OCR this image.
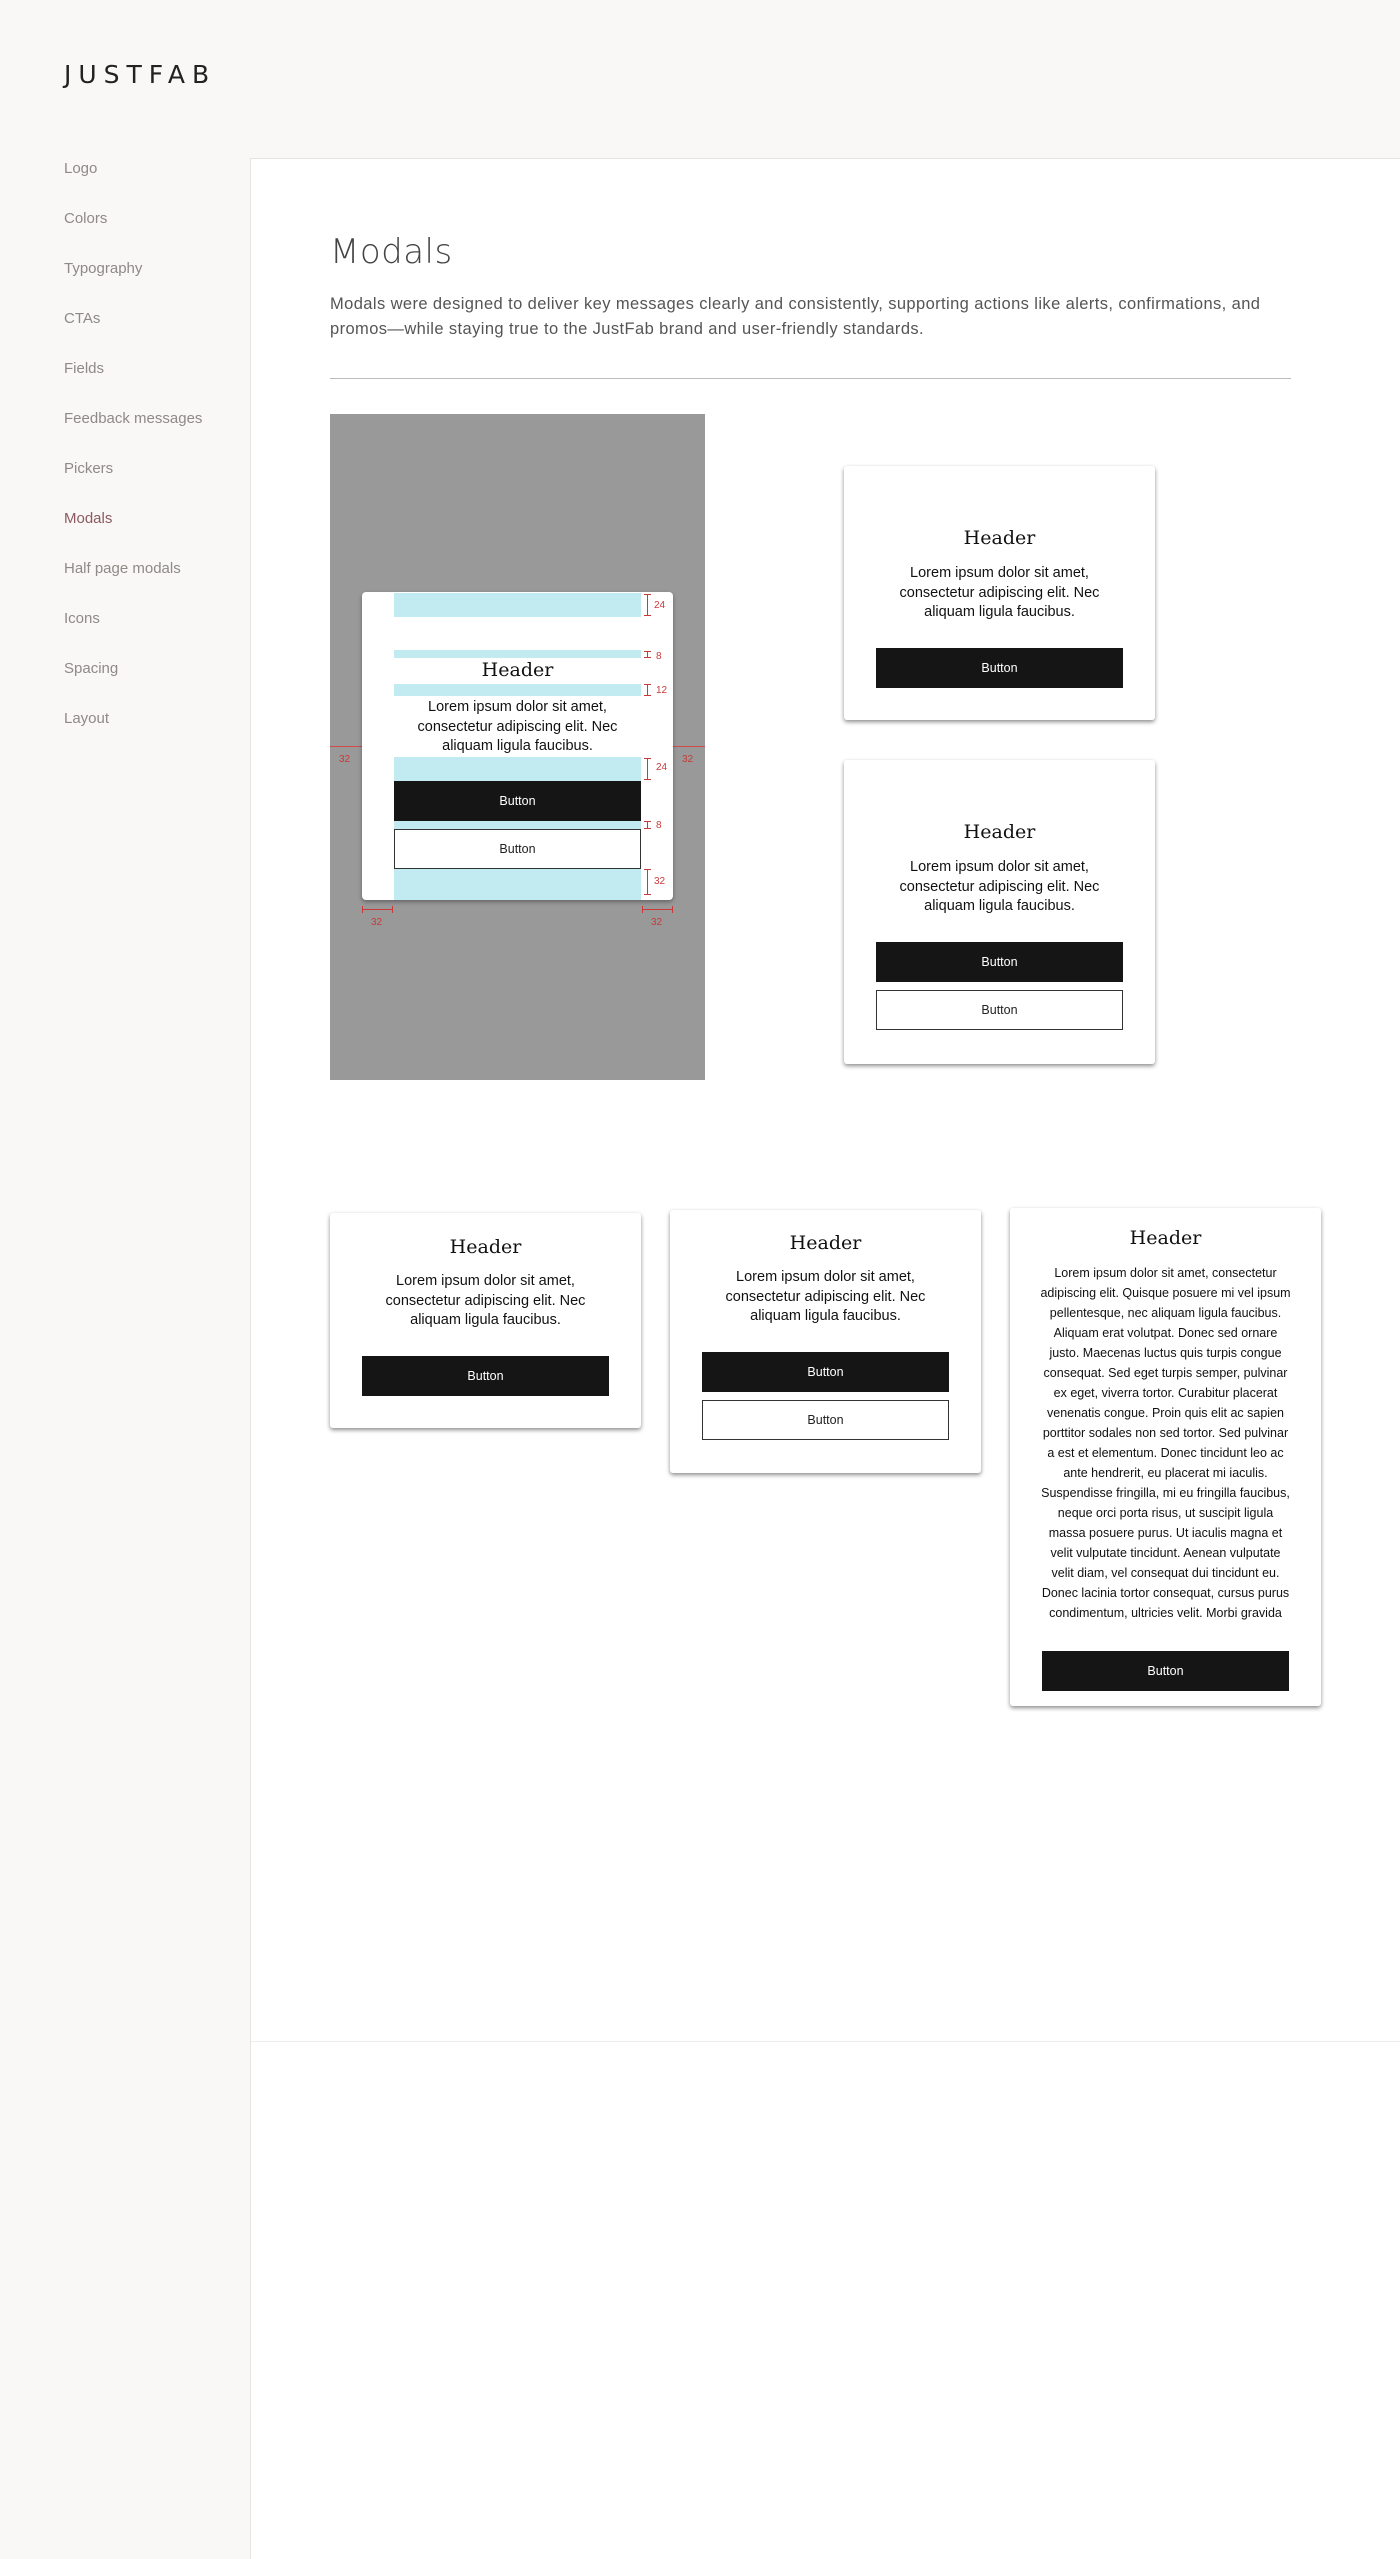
JUSTFAB
Logo
Colors
Typography
CTAs
Fields
Feedback messages
Pickers
Modals
Half page modals
Icons
Spacing
Layout
Modals

Modals were designed to deliver key messages clearly and consistently, supporting actions like alerts, confirmations, and promos—while staying true to the JustFab brand and user-friendly standards.

Header
Lorem ipsum dolor sit amet, consectetur adipiscing elit. Nec aliquam ligula faucibus.
Button
Button
24
8
12
24
8
32
32	32
32	32
Header
Lorem ipsum dolor sit amet, consectetur adipiscing elit. Nec aliquam ligula faucibus.
Button
Header
Lorem ipsum dolor sit amet, consectetur adipiscing elit. Nec aliquam ligula faucibus.
Button
Button
Header
Lorem ipsum dolor sit amet, consectetur adipiscing elit. Nec aliquam ligula faucibus.
Button
Header
Lorem ipsum dolor sit amet, consectetur adipiscing elit. Nec aliquam ligula faucibus.
Button
Button
Header
Lorem ipsum dolor sit amet, consectetur adipiscing elit. Quisque posuere mi vel ipsum pellentesque, nec aliquam ligula faucibus. Aliquam erat volutpat. Donec sed ornare justo. Maecenas luctus quis turpis congue consequat. Sed eget turpis semper, pulvinar ex eget, viverra tortor. Curabitur placerat venenatis congue. Proin quis elit ac sapien porttitor sodales non sed tortor. Sed pulvinar a est et elementum. Donec tincidunt leo ac ante hendrerit, eu placerat mi iaculis. Suspendisse fringilla, mi eu fringilla faucibus, neque orci porta risus, ut suscipit ligula massa posuere purus. Ut iaculis magna et velit vulputate tincidunt. Aenean vulputate velit diam, vel consequat dui tincidunt eu. Donec lacinia tortor consequat, cursus purus condimentum, ultricies velit. Morbi gravida
Button
